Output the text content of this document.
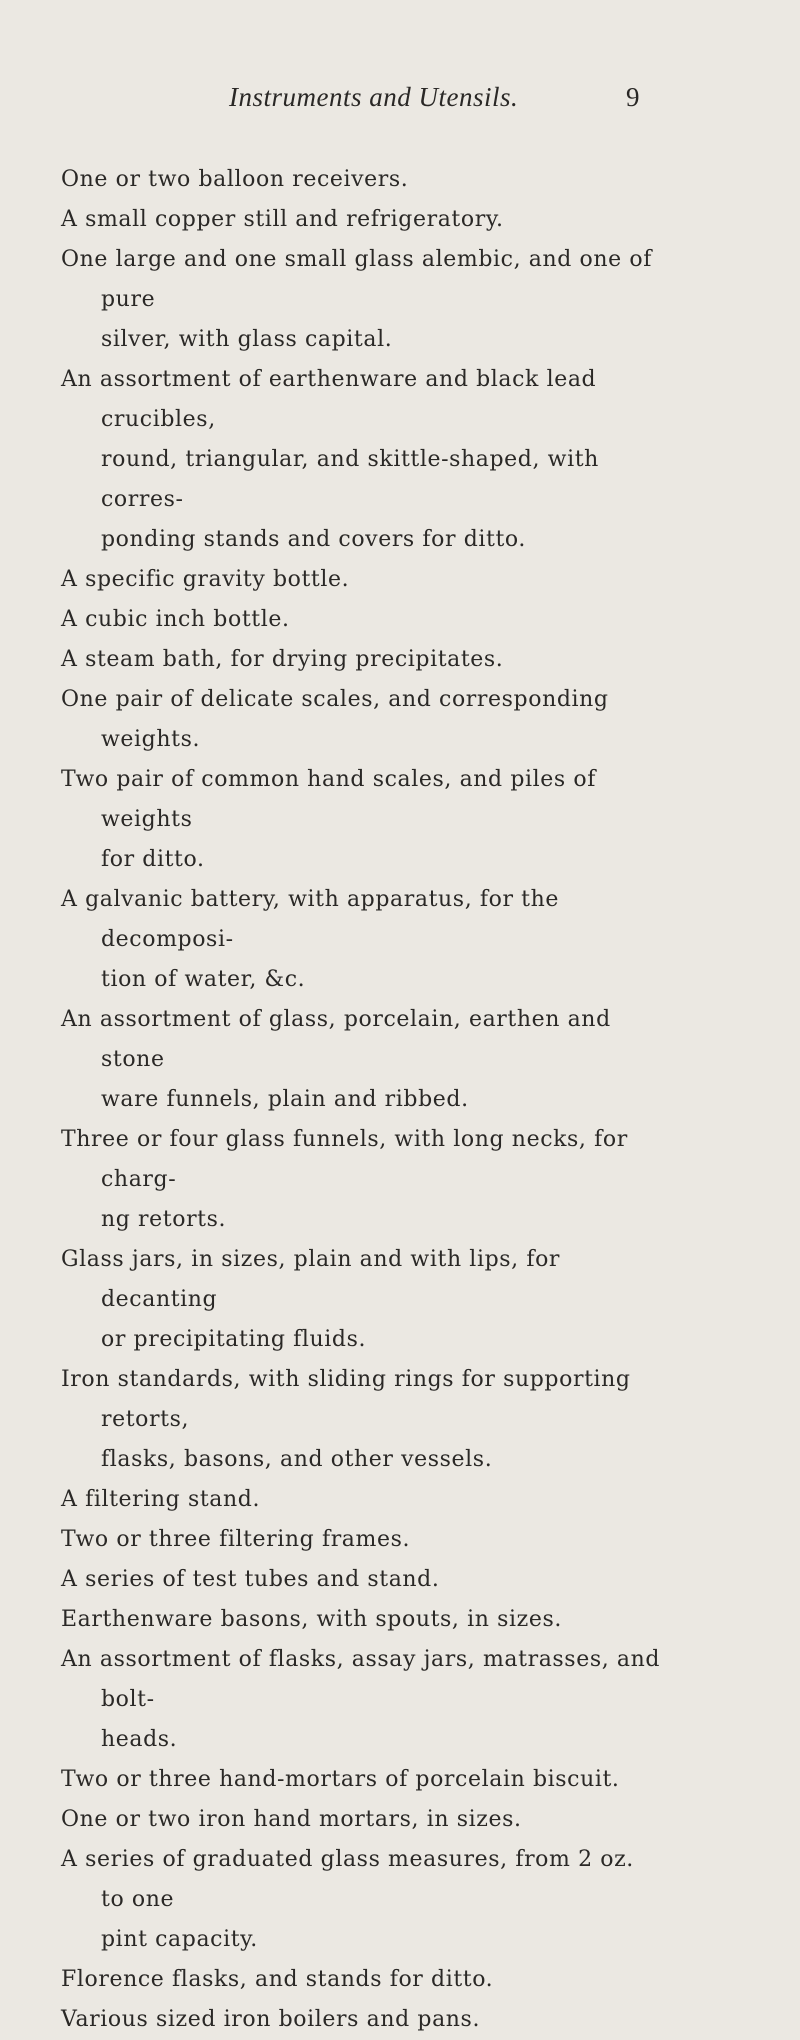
Instruments and Utensils.	9
One or two balloon receivers.
A small copper still and refrigeratory.
One large and one small glass alembic, and one of pure
silver, with glass capital.
An assortment of earthenware and black lead crucibles,
round, triangular, and skittle-shaped, with corres-
ponding stands and covers for ditto.
A specific gravity bottle.
A cubic inch bottle.
A steam bath, for drying precipitates.
One pair of delicate scales, and corresponding weights.
Two pair of common hand scales, and piles of weights
for ditto.
A galvanic battery, with apparatus, for the decomposi-
tion of water, &c.
An assortment of glass, porcelain, earthen and stone
ware funnels, plain and ribbed.
Three or four glass funnels, with long necks, for charg-
ng retorts.
Glass jars, in sizes, plain and with lips, for decanting
or precipitating fluids.
Iron standards, with sliding rings for supporting retorts,
flasks, basons, and other vessels.
A filtering stand.
Two or three filtering frames.
A series of test tubes and stand.
Earthenware basons, with spouts, in sizes.
An assortment of flasks, assay jars, matrasses, and bolt-
heads.
Two or three hand-mortars of porcelain biscuit.
One or two iron hand mortars, in sizes.
A series of graduated glass measures, from 2 oz. to one
pint capacity.
Florence flasks, and stands for ditto.
Various sized iron boilers and pans.
